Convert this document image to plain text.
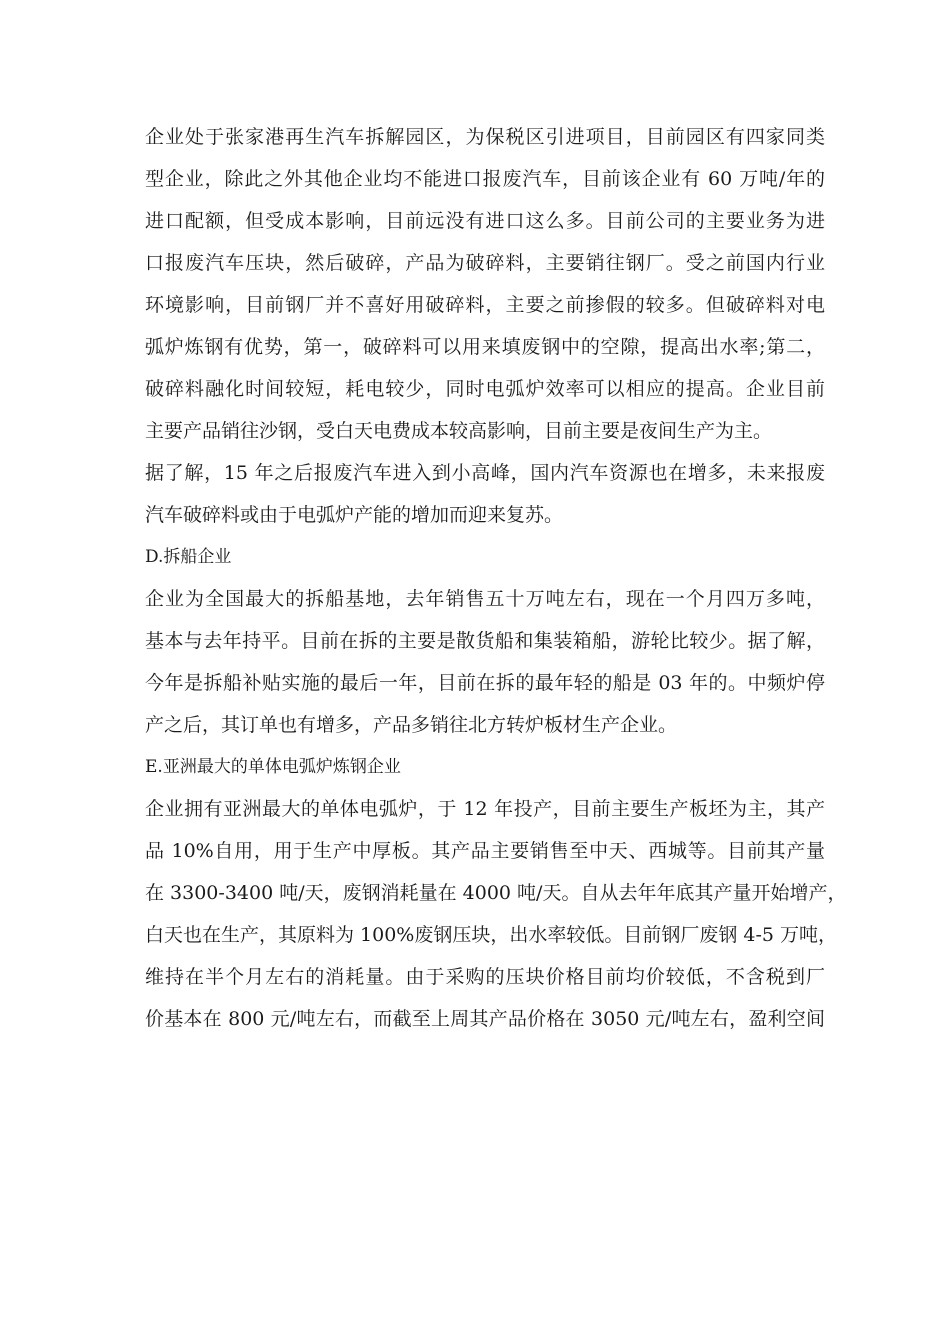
企业处于张家港再生汽车拆解园区，为保税区引进项目，目前园区有四家同类
型企业，除此之外其他企业均不能进口报废汽车，目前该企业有 60 万吨/年的
进口配额，但受成本影响，目前远没有进口这么多。目前公司的主要业务为进
口报废汽车压块，然后破碎，产品为破碎料，主要销往钢厂。受之前国内行业
环境影响，目前钢厂并不喜好用破碎料，主要之前掺假的较多。但破碎料对电
弧炉炼钢有优势，第一，破碎料可以用来填废钢中的空隙，提高出水率;第二，
破碎料融化时间较短，耗电较少，同时电弧炉效率可以相应的提高。企业目前
主要产品销往沙钢，受白天电费成本较高影响，目前主要是夜间生产为主。
据了解，15 年之后报废汽车进入到小高峰，国内汽车资源也在增多，未来报废
汽车破碎料或由于电弧炉产能的增加而迎来复苏。
D.拆船企业
企业为全国最大的拆船基地，去年销售五十万吨左右，现在一个月四万多吨，
基本与去年持平。目前在拆的主要是散货船和集装箱船，游轮比较少。据了解，
今年是拆船补贴实施的最后一年，目前在拆的最年轻的船是 03 年的。中频炉停
产之后，其订单也有增多，产品多销往北方转炉板材生产企业。
E.亚洲最大的单体电弧炉炼钢企业
企业拥有亚洲最大的单体电弧炉，于 12 年投产，目前主要生产板坯为主，其产
品 10%自用，用于生产中厚板。其产品主要销售至中天、西城等。目前其产量
在 3300-3400 吨/天，废钢消耗量在 4000 吨/天。自从去年年底其产量开始增产，
白天也在生产，其原料为 100%废钢压块，出水率较低。目前钢厂废钢 4-5 万吨，
维持在半个月左右的消耗量。由于采购的压块价格目前均价较低，不含税到厂
价基本在 800 元/吨左右，而截至上周其产品价格在 3050 元/吨左右，盈利空间
